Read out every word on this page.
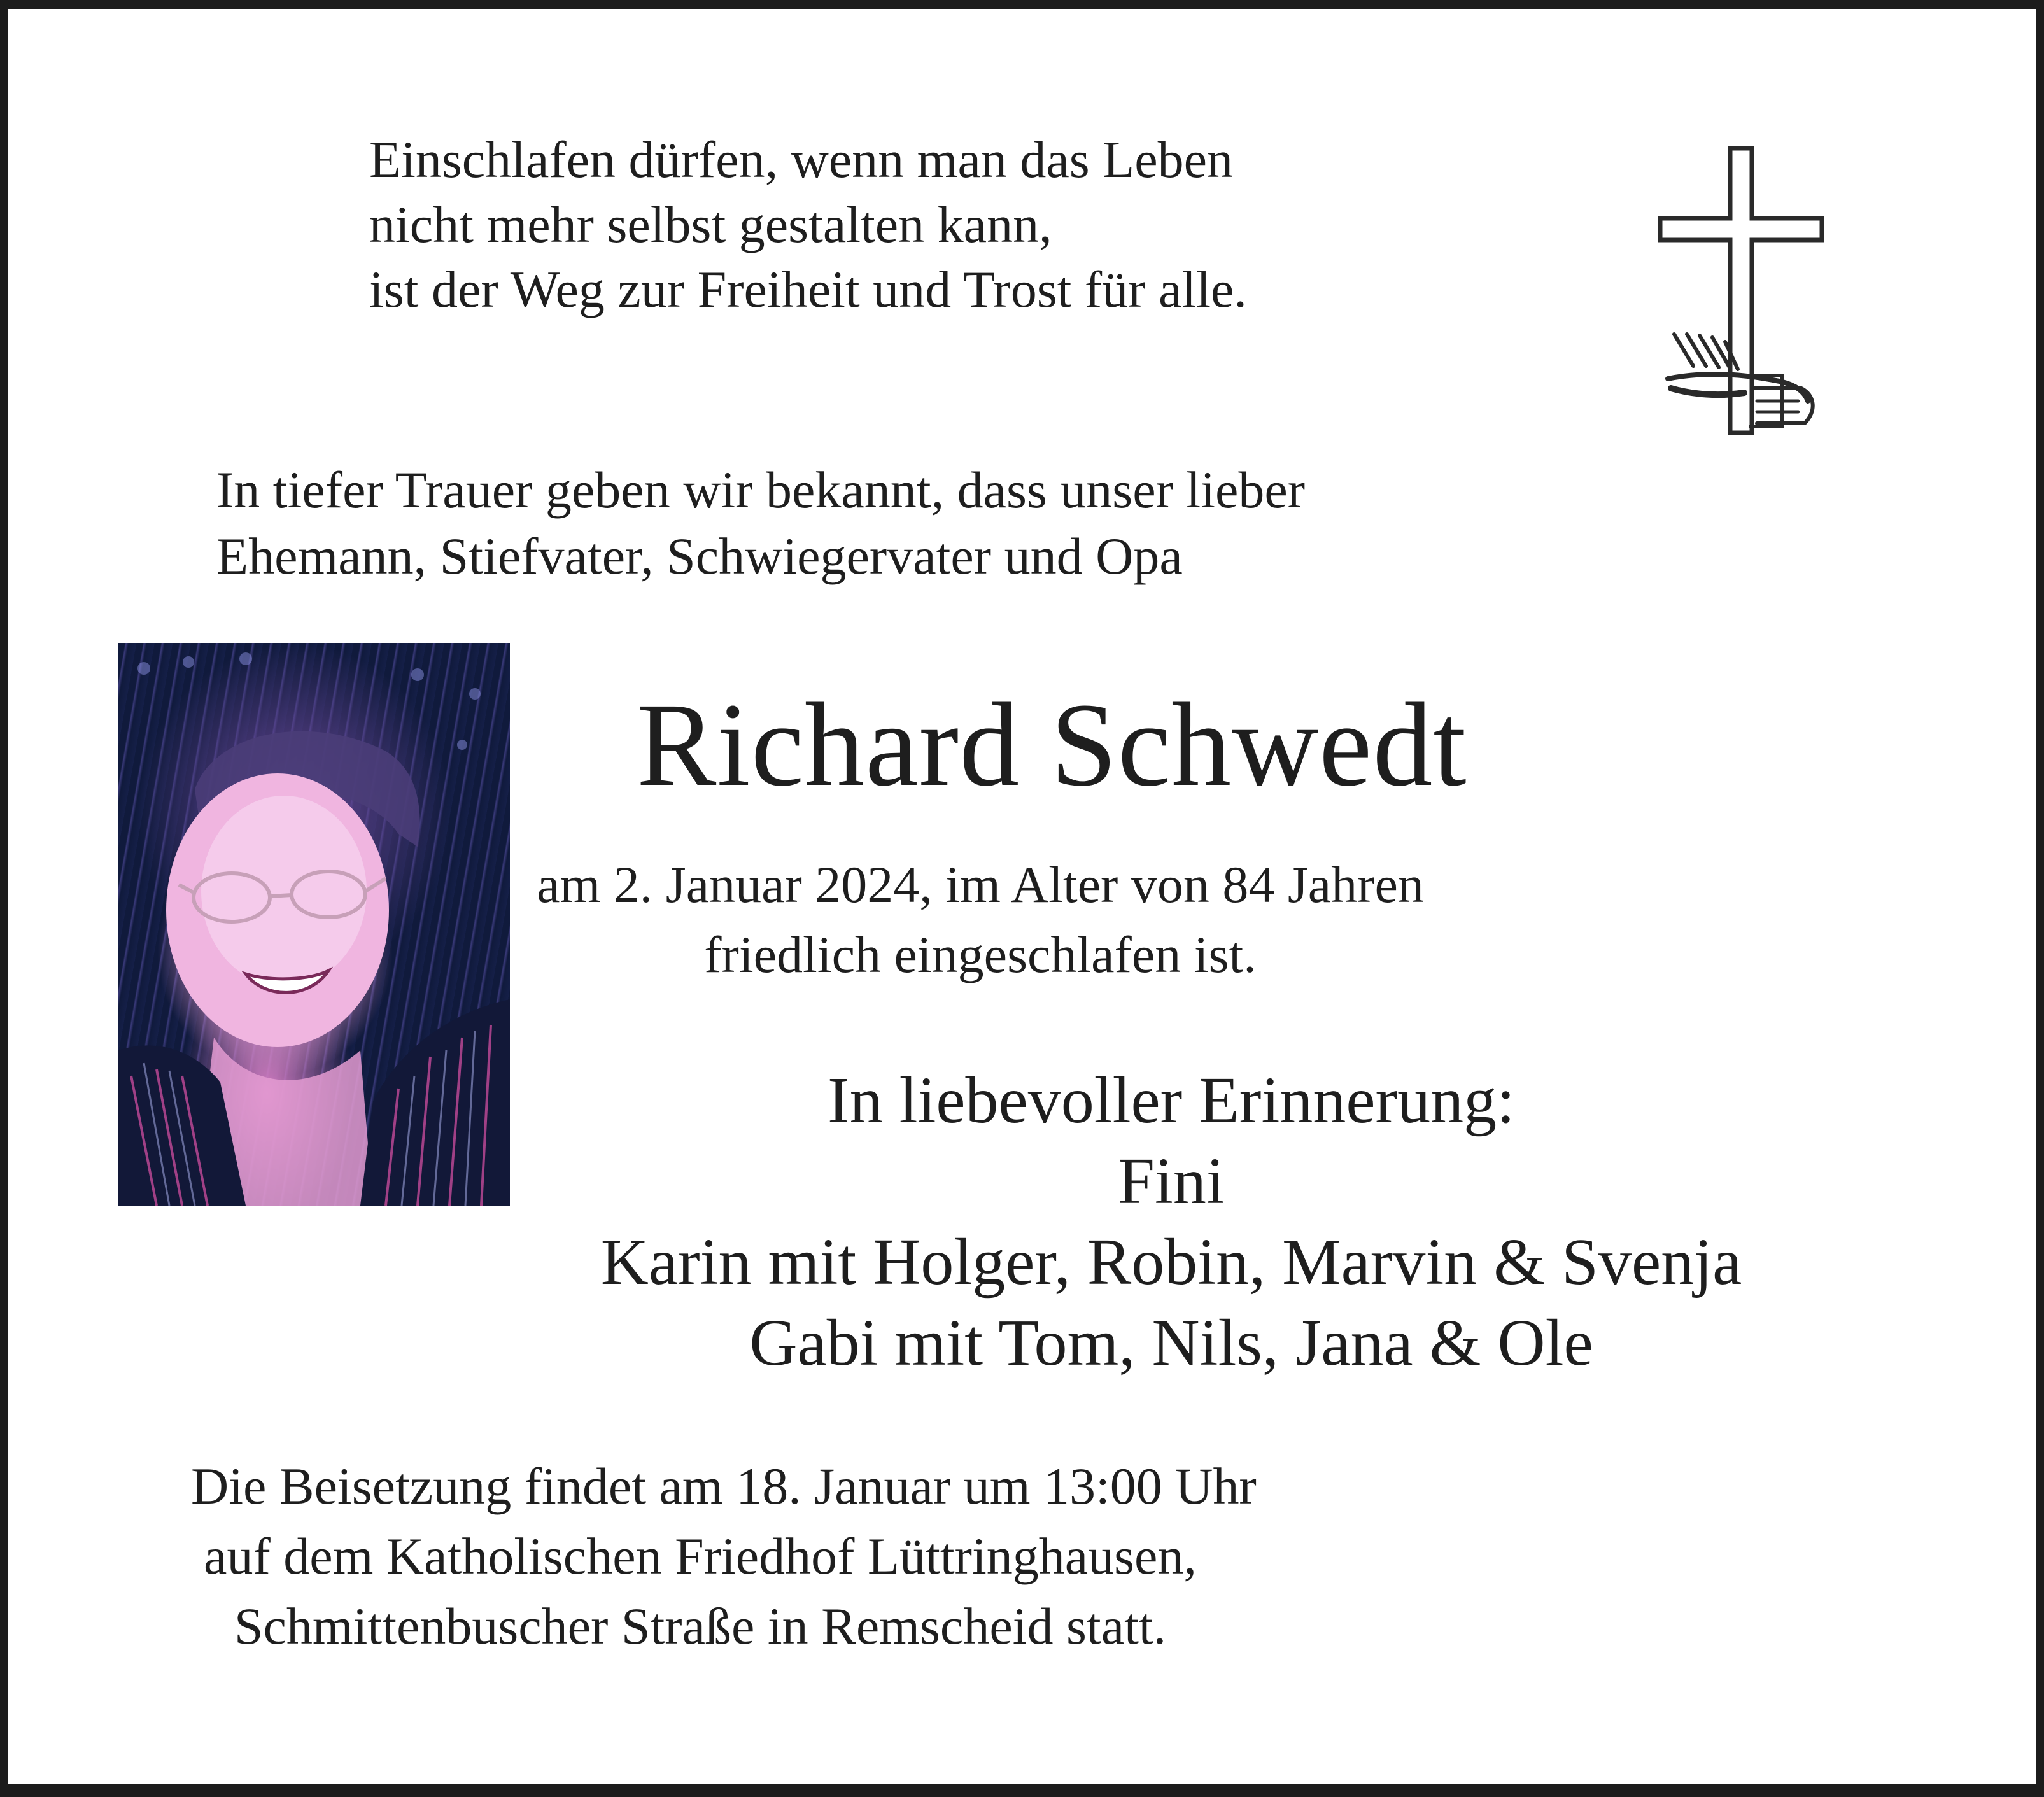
Einschlafen dürfen, wenn man das Leben
nicht mehr selbst gestalten kann,
ist der Weg zur Freiheit und Trost für alle.
In tiefer Trauer geben wir bekannt, dass unser lieber
Ehemann, Stiefvater, Schwiegervater und Opa
Richard Schwedt
am 2. Januar 2024, im Alter von 84 Jahren
friedlich eingeschlafen ist.
In liebevoller Erinnerung:
Fini
Karin mit Holger, Robin, Marvin & Svenja
Gabi mit Tom, Nils, Jana & Ole
Die Beisetzung findet am 18. Januar um 13:00 Uhr
auf dem Katholischen Friedhof Lüttringhausen,
Schmittenbuscher Straße in Remscheid statt.
